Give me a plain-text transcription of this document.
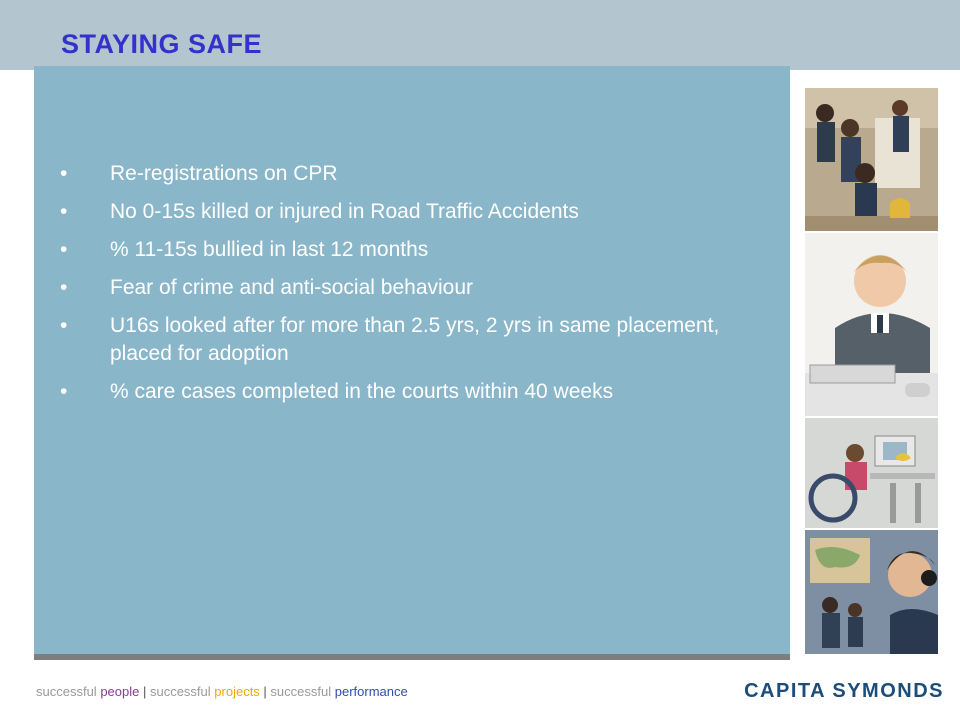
STAYING SAFE
•	Re-registrations on CPR
•	No 0-15s killed or injured in Road Traffic Accidents
•	% 11-15s bullied in last 12 months
•	Fear of crime and anti-social behaviour
•	U16s looked after for more than 2.5 yrs, 2 yrs in same placement, placed for adoption
•	% care cases completed in the courts within 40 weeks
successful people | successful projects | successful performance	CAPITA SYMONDS
